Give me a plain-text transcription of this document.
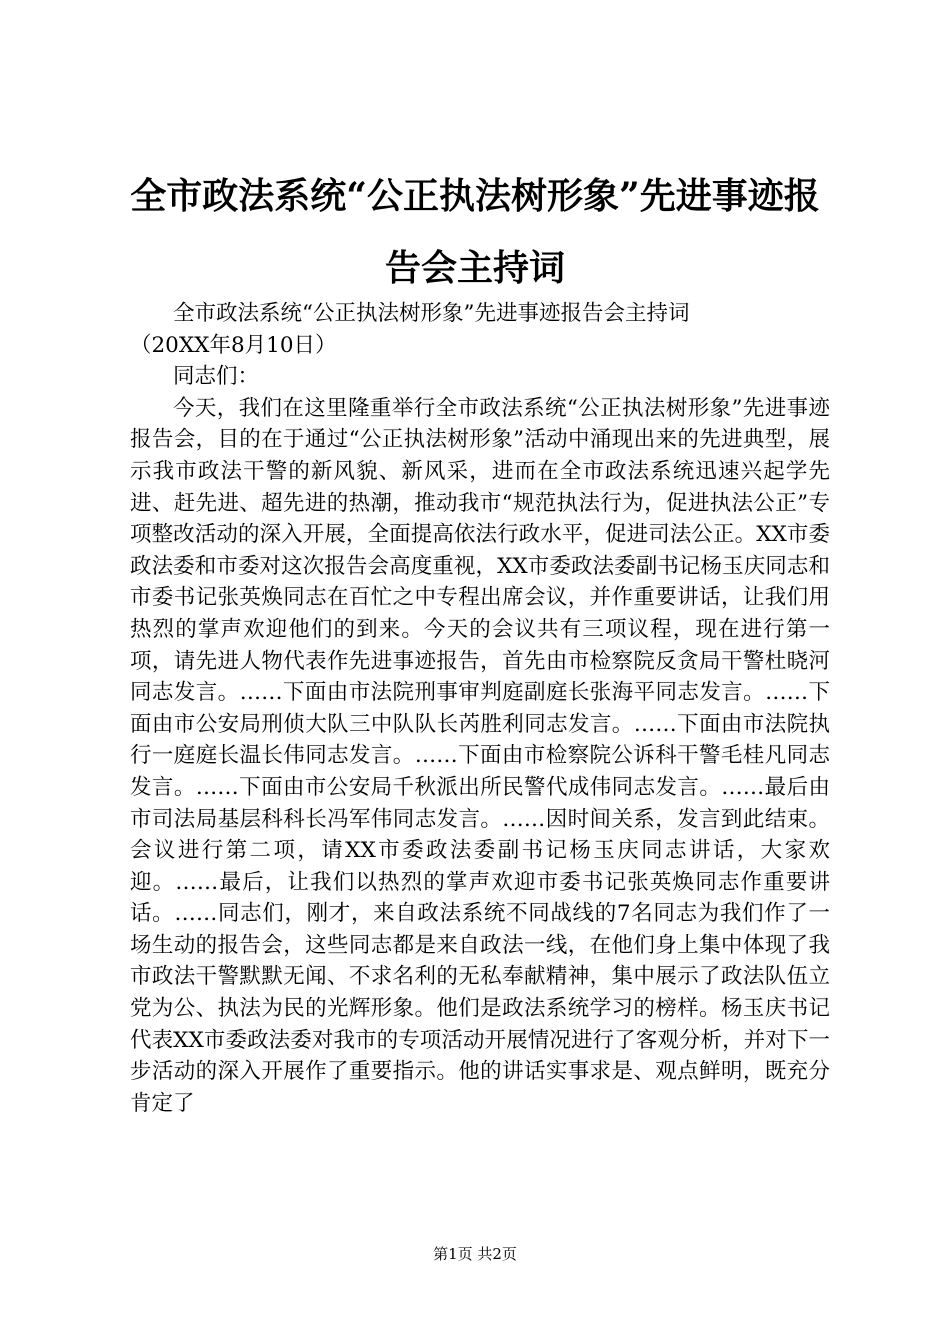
全市政法系统“公正执法树形象”先进事迹报
告会主持词

全市政法系统“公正执法树形象”先进事迹报告会主持词

（20XX年8月10日）

同志们：

今天，我们在这里隆重举行全市政法系统“公正执法树形象”先进事迹报告会，目的在于通过“公正执法树形象”活动中涌现出来的先进典型，展示我市政法干警的新风貌、新风采，进而在全市政法系统迅速兴起学先进、赶先进、超先进的热潮，推动我市“规范执法行为，促进执法公正”专项整改活动的深入开展，全面提高依法行政水平，促进司法公正。XX市委政法委和市委对这次报告会高度重视，XX市委政法委副书记杨玉庆同志和市委书记张英焕同志在百忙之中专程出席会议，并作重要讲话，让我们用热烈的掌声欢迎他们的到来。今天的会议共有三项议程，现在进行第一项，请先进人物代表作先进事迹报告，首先由市检察院反贪局干警杜晓河同志发言。……下面由市法院刑事审判庭副庭长张海平同志发言。……下面由市公安局刑侦大队三中队队长芮胜利同志发言。……下面由市法院执行一庭庭长温长伟同志发言。……下面由市检察院公诉科干警毛桂凡同志发言。……下面由市公安局千秋派出所民警代成伟同志发言。……最后由市司法局基层科科长冯军伟同志发言。……因时间关系，发言到此结束。会议进行第二项，请XX市委政法委副书记杨玉庆同志讲话，大家欢迎。……最后，让我们以热烈的掌声欢迎市委书记张英焕同志作重要讲话。……同志们，刚才，来自政法系统不同战线的7名同志为我们作了一场生动的报告会，这些同志都是来自政法一线，在他们身上集中体现了我市政法干警默默无闻、不求名利的无私奉献精神，集中展示了政法队伍立党为公、执法为民的光辉形象。他们是政法系统学习的榜样。杨玉庆书记代表XX市委政法委对我市的专项活动开展情况进行了客观分析，并对下一步活动的深入开展作了重要指示。他的讲话实事求是、观点鲜明，既充分肯定了

第1页 共2页
